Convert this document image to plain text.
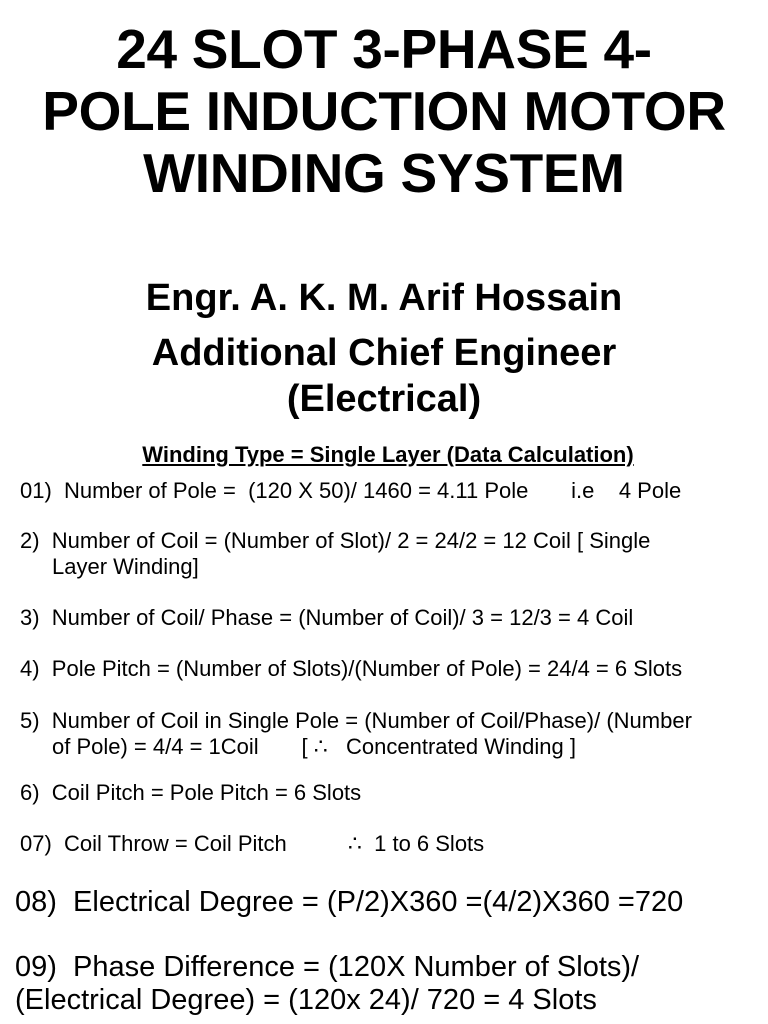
24 SLOT 3-PHASE 4-
POLE INDUCTION MOTOR
WINDING SYSTEM
Engr. A. K. M. Arif Hossain
Additional Chief Engineer
(Electrical)
Winding Type = Single Layer (Data Calculation)
01) Number of Pole =  (120 X 50)/ 1460 = 4.11 Pole       i.e    4 Pole
2) Number of Coil = (Number of Slot)/ 2 = 24/2 = 12 Coil [ Single
Layer Winding]
3) Number of Coil/ Phase = (Number of Coil)/ 3 = 12/3 = 4 Coil
4) Pole Pitch = (Number of Slots)/(Number of Pole) = 24/4 = 6 Slots
5) Number of Coil in Single Pole = (Number of Coil/Phase)/ (Number
of Pole) = 4/4 = 1Coil       [ ∴   Concentrated Winding ]
6) Coil Pitch = Pole Pitch = 6 Slots
07) Coil Throw = Coil Pitch          ∴  1 to 6 Slots
08) Electrical Degree = (P/2)X360 =(4/2)X360 =720
09) Phase Difference = (120X Number of Slots)/
(Electrical Degree) = (120x 24)/ 720 = 4 Slots
